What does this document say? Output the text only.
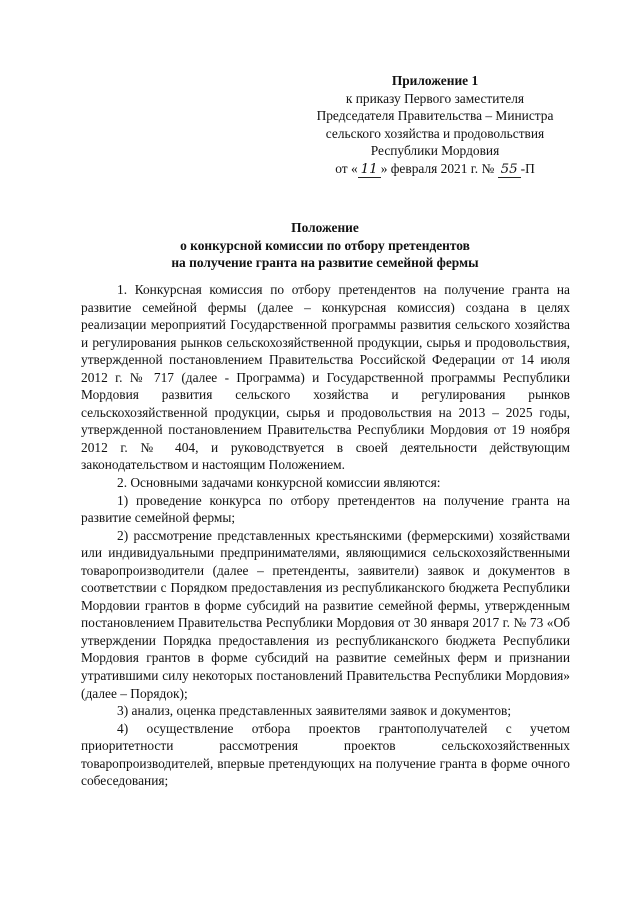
Приложение 1
к приказу Первого заместителя
Председателя Правительства – Министра
сельского хозяйства и продовольствия
Республики Мордовия
от « 11 » февраля 2021 г. № 55 -П
Положение
о конкурсной комиссии по отбору претендентов
на получение гранта на развитие семейной фермы

1. Конкурсная комиссия по отбору претендентов на получение гранта на развитие семейной фермы (далее – конкурсная комиссия) создана в целях реализации мероприятий Государственной программы развития сельского хозяйства и регулирования рынков сельскохозяйственной продукции, сырья и продовольствия, утвержденной постановлением Правительства Российской Федерации от 14 июля 2012 г. № 717 (далее - Программа) и Государственной программы Республики Мордовия развития сельского хозяйства и регулирования рынков сельскохозяйственной продукции, сырья и продовольствия на 2013 – 2025 годы, утвержденной постановлением Правительства Республики Мордовия от 19 ноября 2012 г. № 404, и руководствуется в своей деятельности действующим законодательством и настоящим Положением.

2. Основными задачами конкурсной комиссии являются:

1) проведение конкурса по отбору претендентов на получение гранта на развитие семейной фермы;

2) рассмотрение представленных крестьянскими (фермерскими) хозяйствами или индивидуальными предпринимателями, являющимися сельскохозяйственными товаропроизводители (далее – претенденты, заявители) заявок и документов в соответствии с Порядком предоставления из республиканского бюджета Республики Мордовии грантов в форме субсидий на развитие семейной фермы, утвержденным постановлением Правительства Республики Мордовия от 30 января 2017 г. № 73 «Об утверждении Порядка предоставления из республиканского бюджета Республики Мордовия грантов в форме субсидий на развитие семейных ферм и признании утратившими силу некоторых постановлений Правительства Республики Мордовия» (далее – Порядок);

3) анализ, оценка представленных заявителями заявок и документов;

4) осуществление отбора проектов грантополучателей с учетом приоритетности рассмотрения проектов сельскохозяйственных товаропроизводителей, впервые претендующих на получение гранта в форме очного собеседования;
